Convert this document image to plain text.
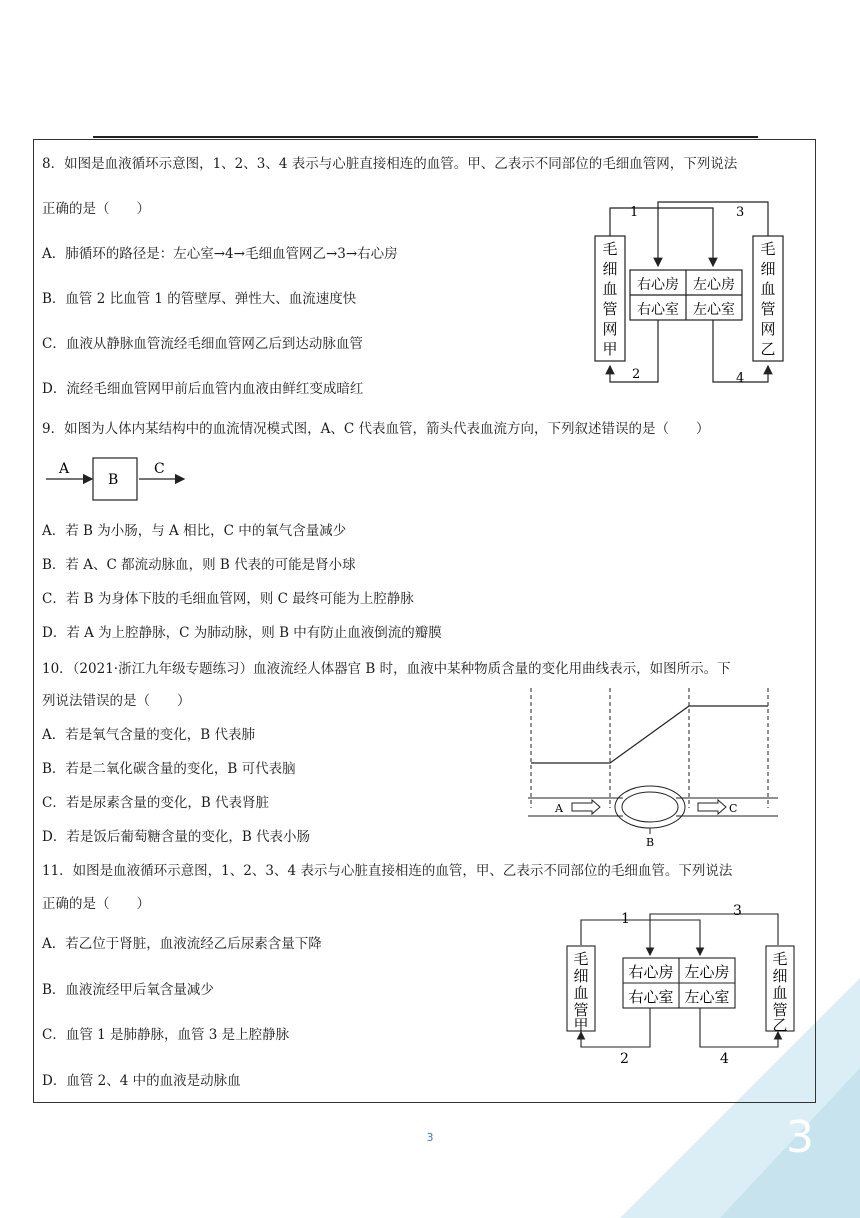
8．如图是血液循环示意图，1、2、3、4 表示与心脏直接相连的血管。甲、乙表示不同部位的毛细血管网，下列说法
正确的是（　　）
A．肺循环的路径是：左心室→4→毛细血管网乙→3→右心房
B．血管 2 比血管 1 的管壁厚、弹性大、血流速度快
C．血液从静脉血管流经毛细血管网乙后到达动脉血管
D．流经毛细血管网甲前后血管内血液由鲜红变成暗红
1	3
2	4
毛
细
血
管
网
甲
毛
细
血
管
网
乙
右心房 左心房
右心室 左心室
9．如图为人体内某结构中的血流情况模式图，A、C 代表血管，箭头代表血流方向，下列叙述错误的是（　　）
A
B
C
A．若 B 为小肠，与 A 相比，C 中的氧气含量减少
B．若 A、C 都流动脉血，则 B 代表的可能是肾小球
C．若 B 为身体下肢的毛细血管网，则 C 最终可能为上腔静脉
D．若 A 为上腔静脉，C 为肺动脉，则 B 中有防止血液倒流的瓣膜
10．（2021·浙江九年级专题练习）血液流经人体器官 B 时，血液中某种物质含量的变化用曲线表示，如图所示。下
列说法错误的是（　　）
A．若是氧气含量的变化，B 代表肺
B．若是二氧化碳含量的变化，B 可代表脑
C．若是尿素含量的变化，B 代表肾脏
D．若是饭后葡萄糖含量的变化，B 代表小肠
A	C
B
11．如图是血液循环示意图，1、2、3、4 表示与心脏直接相连的血管，甲、乙表示不同部位的毛细血管。下列说法
正确的是（　　）
A．若乙位于肾脏，血液流经乙后尿素含量下降
B．血液流经甲后氧含量减少
C．血管 1 是肺静脉，血管 3 是上腔静脉
D．血管 2、4 中的血液是动脉血
1	3
2	4
毛
细
血
管
甲
毛
细
血
管
乙
右心房 左心房
右心室 左心室
3	3
